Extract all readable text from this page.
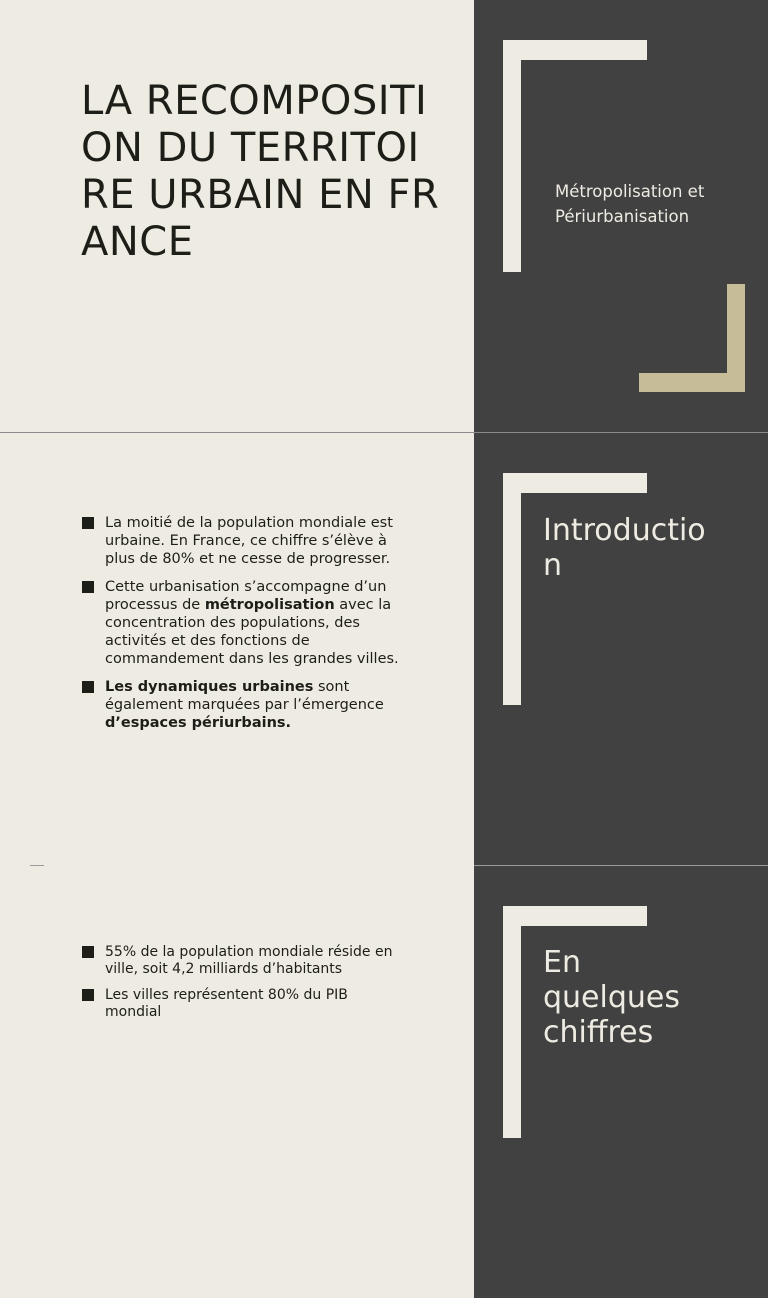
LA RECOMPOSITION DU TERRITOIRE URBAIN EN FRANCE
Métropolisation et Périurbanisation
La moitié de la population mondiale est urbaine. En France, ce chiffre s’élève à plus de 80% et ne cesse de progresser.
Cette urbanisation s’accompagne d’un processus de métropolisation avec la concentration des populations, des activités et des fonctions de commandement dans les grandes villes.
Les dynamiques urbaines sont également marquées par l’émergence d’espaces périurbains.
Introduction
55% de la population mondiale réside en ville, soit 4,2 milliards d’habitants
Les villes représentent 80% du PIB mondial
En quelques chiffres
